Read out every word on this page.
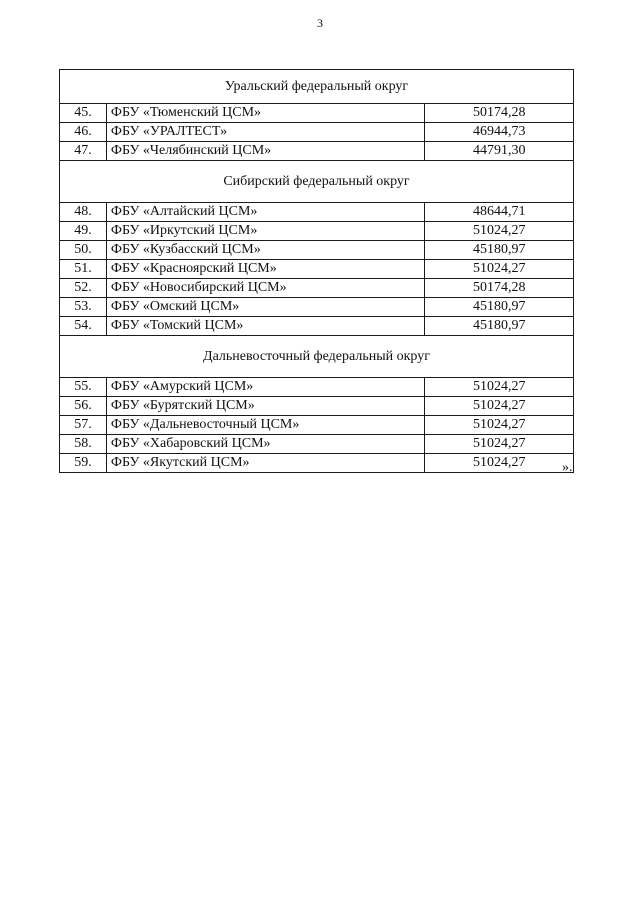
3
Уральский федеральный округ		
45.	ФБУ «Тюменский ЦСМ»	50174,28
46.	ФБУ «УРАЛТЕСТ»	46944,73
47.	ФБУ «Челябинский ЦСМ»	44791,30
Сибирский федеральный округ		
48.	ФБУ «Алтайский ЦСМ»	48644,71
49.	ФБУ «Иркутский ЦСМ»	51024,27
50.	ФБУ «Кузбасский ЦСМ»	45180,97
51.	ФБУ «Красноярский ЦСМ»	51024,27
52.	ФБУ «Новосибирский ЦСМ»	50174,28
53.	ФБУ «Омский ЦСМ»	45180,97
54.	ФБУ «Томский ЦСМ»	45180,97
Дальневосточный федеральный округ		
55.	ФБУ «Амурский ЦСМ»	51024,27
56.	ФБУ «Бурятский ЦСМ»	51024,27
57.	ФБУ «Дальневосточный ЦСМ»	51024,27
58.	ФБУ «Хабаровский ЦСМ»	51024,27
59.	ФБУ «Якутский ЦСМ»	51024,27	».
